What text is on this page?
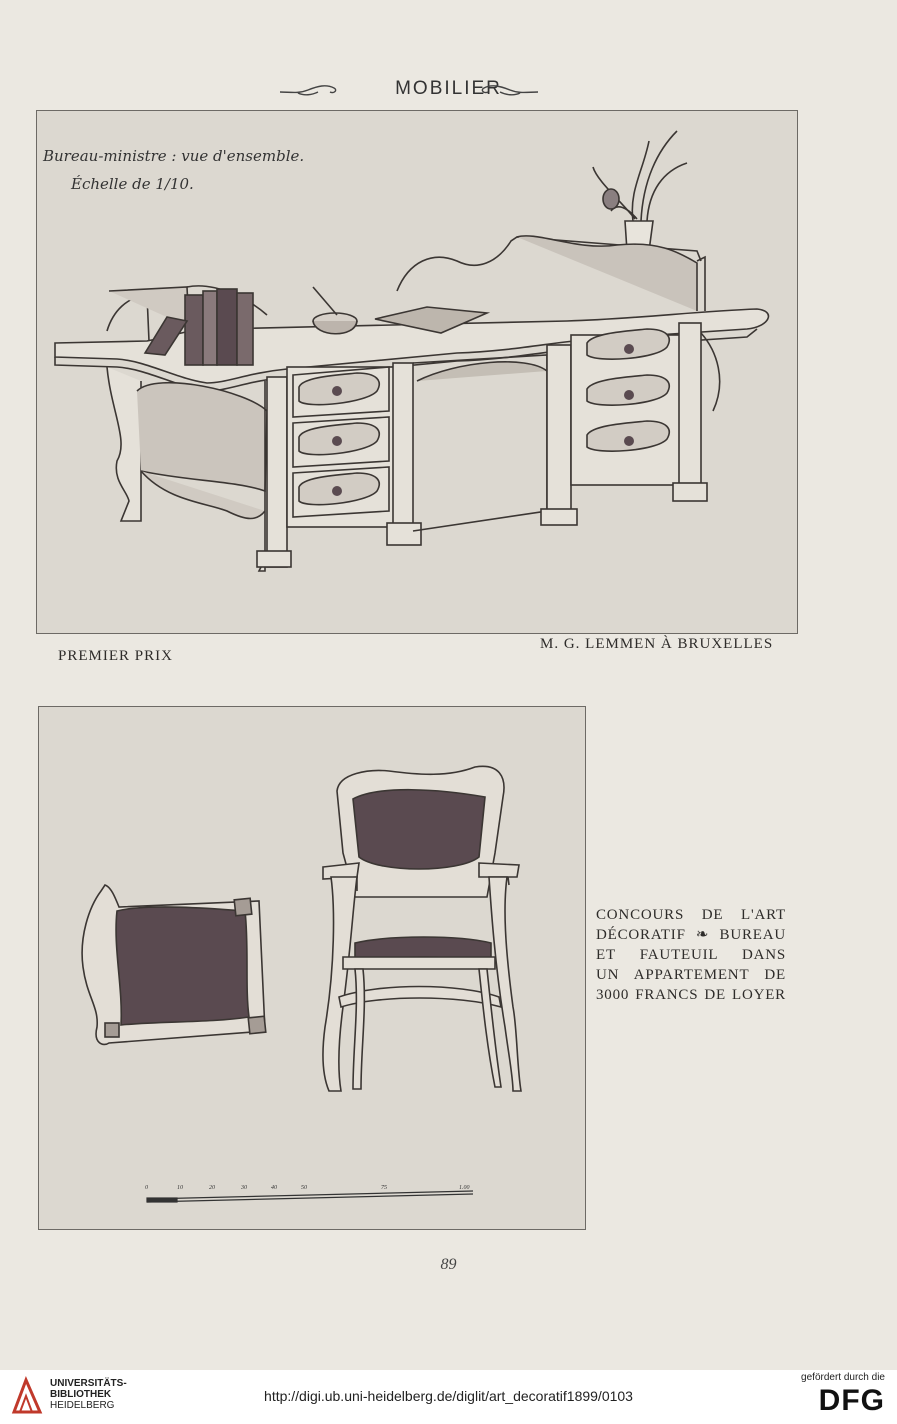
MOBILIER
Bureau-ministre : vue d'ensemble.
Échelle de 1/10.
PREMIER PRIX
M. G. LEMMEN À BRUXELLES
0	10	20	30	40	50	75	1.00
CONCOURS DE L'ART
DÉCORATIF ❧ BUREAU
ET FAUTEUIL DANS
UN APPARTEMENT DE
3000 FRANCS DE LOYER
89
UNIVERSITÄTS-
BIBLIOTHEK
HEIDELBERG
http://digi.ub.uni-heidelberg.de/diglit/art_decoratif1899/0103
gefördert durch die
DFG
